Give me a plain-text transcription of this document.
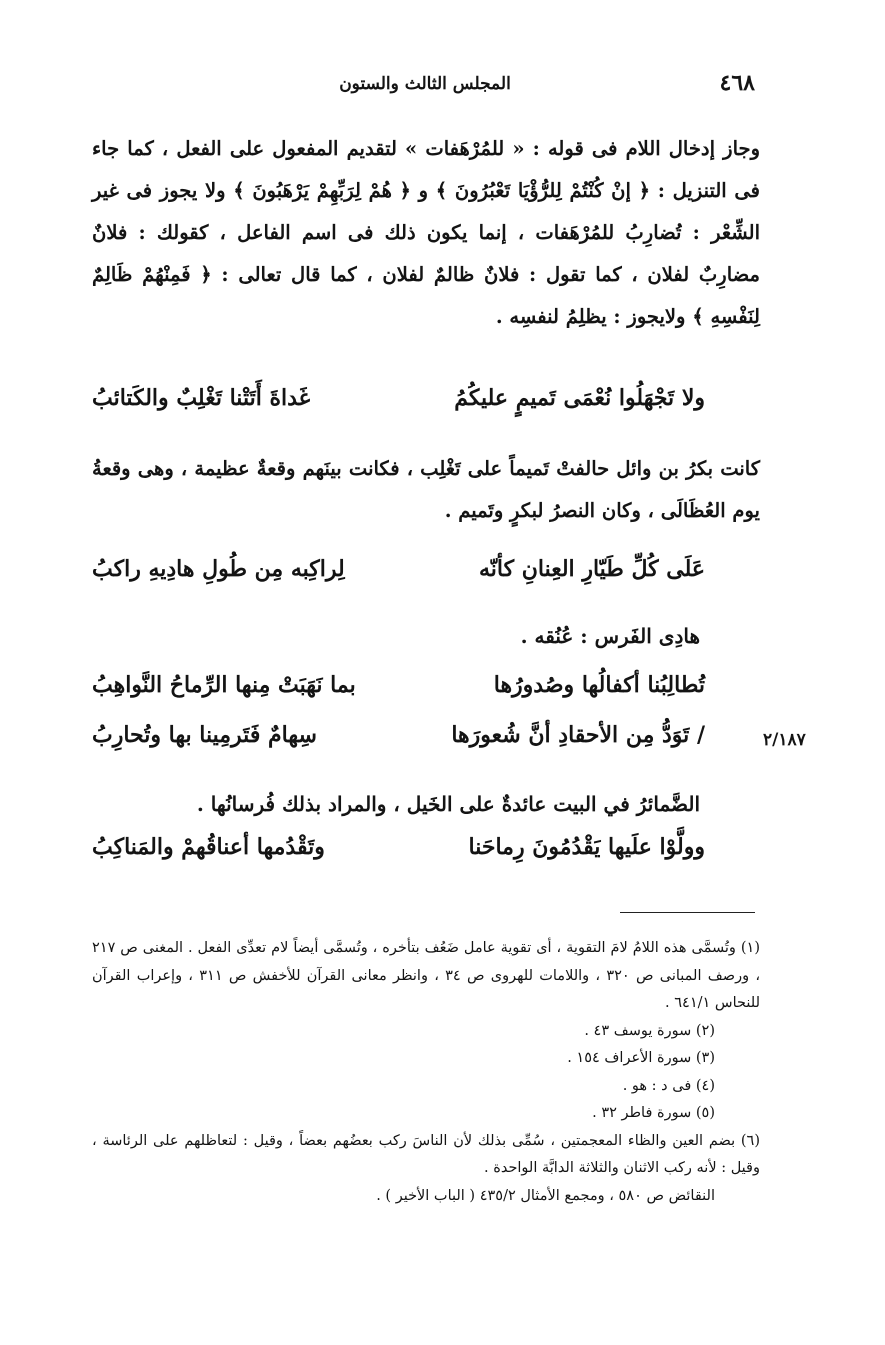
٤٦٨
المجلس الثالث والستون

وجاز إدخال اللام فى قوله : « للمُرْهَفات » لتقديم المفعول على الفعل ، كما جاء فى التنزيل : ﴿ إنْ كُنْتُمْ لِلرُّؤْيَا تَعْبُرُونَ ﴾ و ﴿ هُمْ لِرَبِّهِمْ يَرْهَبُونَ ﴾ ولا يجوز فى غير الشِّعْر : تُضارِبُ للمُرْهَفات ، إنما يكون ذلك فى اسم الفاعل ، كقولك : فلانٌ مضارِبٌ لفلان ، كما تقول : فلانٌ ظالمٌ لفلان ، كما قال تعالى : ﴿ فَمِنْهُمْ ظَالِمٌ لِنَفْسِهِ ﴾ ولايجوز : يظلِمُ لنفسِه .

ولا تَجْهَلُوا نُعْمَى تَميمٍ عليكُمُ
غَداةَ أَتَتْنا تَغْلِبٌ والكَتائبُ

كانت بكرُ بن وائل حالفتْ تَميماً على تَغْلِب ، فكانت بينَهم وقعةٌ عظيمة ، وهى وقعةُ يوم العُظَالَى ، وكان النصرُ لبكرٍ وتَميم .

عَلَى كُلِّ طَيّارِ العِنانِ كأنّه
لِراكِبه مِن طُولِ هادِيهِ راكبُ

هادِى الفَرس : عُنُقه .

تُطالِبُنا أكفالُها وصُدورُها
بما نَهَبَتْ مِنها الرِّماحُ النَّواهِبُ
/ تَوَدُّ مِن الأحقادِ أنَّ شُعورَها
سِهامٌ فَتَرمِينا بها وتُحارِبُ	٢/١٨٧

الضَّمائرُ في البيت عائدةٌ على الخَيل ، والمراد بذلك فُرسانُها .

وولَّوْا علَيها يَقْدُمُونَ رِماحَنا
وتَقْدُمها أعناقُهمْ والمَناكِبُ

(١) وتُسمَّى هذه اللامُ لامَ التقوية ، أى تقوية عامل ضَعُف بتأخره ، وتُسمَّى أيضاً لام تعدِّى الفعل . المغنى ص ٢١٧ ، ورصف المبانى ص ٣٢٠ ، واللامات للهروى ص ٣٤ ، وانظر معانى القرآن للأخفش ص ٣١١ ، وإعراب القرآن للنحاس ٦٤١/١ .

(٢) سورة يوسف ٤٣ .

(٣) سورة الأعراف ١٥٤ .

(٤) فى د : هو .

(٥) سورة فاطر ٣٢ .

(٦) بضم العين والظاء المعجمتين ، سُمِّى بذلك لأن الناسَ ركب بعضُهم بعضاً ، وقيل : لتعاظلهم على الرئاسة ، وقيل : لأنه ركب الاثنان والثلاثة الدابَّة الواحدة .

النقائض ص ٥٨٠ ، ومجمع الأمثال ٤٣٥/٢ ( الباب الأخير ) .
